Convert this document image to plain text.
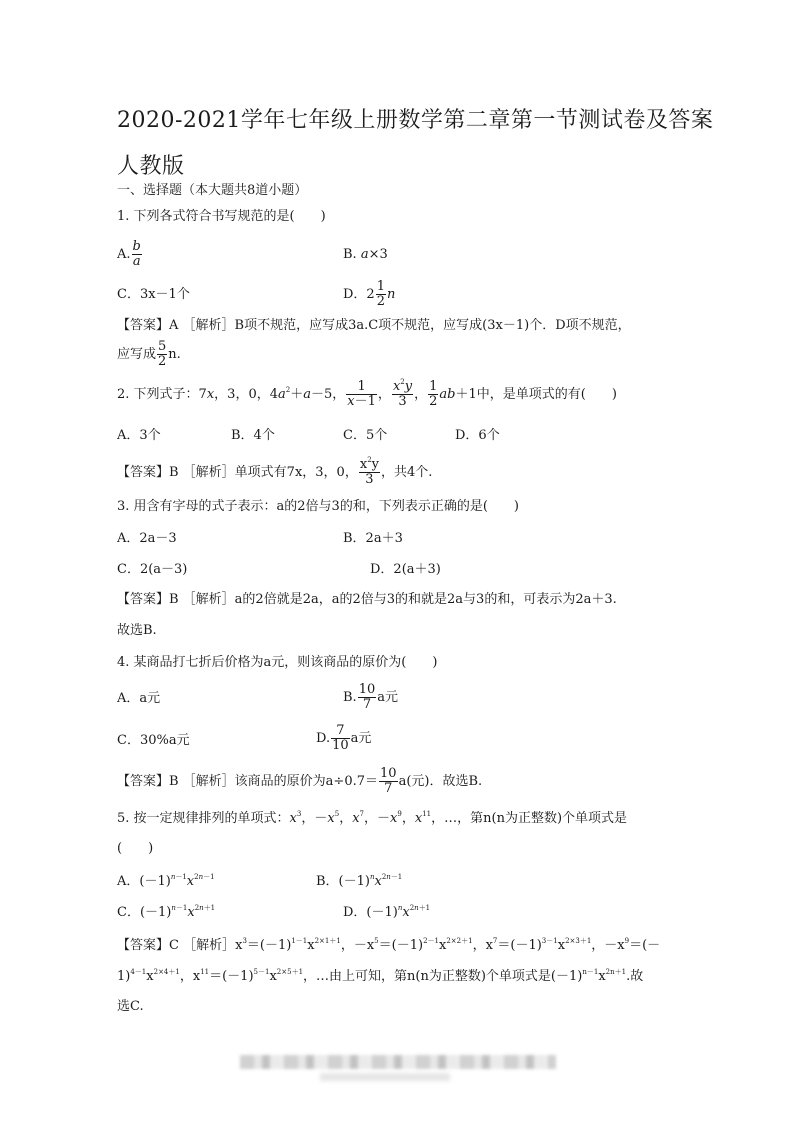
2020-2021学年七年级上册数学第二章第一节测试卷及答案人教版
一、选择题（本大题共8道小题）
1. 下列各式符合书写规范的是(　　)
A. $\frac{b}{a}$	B. a×3
C．3x－1个	D．$2 \frac{1}{2}$ n
【答案】A ［解析］B项不规范，应写成3a.C项不规范，应写成(3x－1)个．D项不规范，
应写成 $\frac{5}{2} n$.
2. 下列式子：7x，3，0，$4a^2+a-5$， $\frac{1}{x-1}$ ， $\frac{x^2y}{3}$ ， $\frac{1}{2} ab+1$中，是单项式的有(　　)
A．3个	B．4个	C．5个	D．6个
【答案】B ［解析］单项式有7x，3，0， $\frac{x^2y}{3}$ ，共4个.
3. 用含有字母的式子表示：a的2倍与3的和，下列表示正确的是(　　)
A．2a－3	B．2a＋3
C．2(a－3)	D．2(a＋3)
【答案】B ［解析］a的2倍就是2a，a的2倍与3的和就是2a与3的和，可表示为2a＋3.
故选B.
4. 某商品打七折后价格为a元，则该商品的原价为(　　)
A．a元	B. $\frac{10}{7}$ a元
C．30%a元	D. $\frac{7}{10}$ a元
【答案】B ［解析］该商品的原价为$a\div 0.7= \frac{10}{7} a$(元)．故选B.
5. 按一定规律排列的单项式：$x^3$，$-x^5$，$x^7$，$-x^9$，$x^{11}$，…，第n(n为正整数)个单项式是
(　　)
A．$(-1)^{n-1}x^{2n-1}$	B．$(-1)^nx^{2n-1}$
C．$(-1)^{n-1}x^{2n+1}$	D．$(-1)^nx^{2n+1}$
【答案】C ［解析$]x^3=(-1)^{1-1}x^{2\times 1+1}$，$-x^5=(-1)^{2-1}x^{2\times 2+1}$，$x^7=(-1)^{3-1}x^{2\times 3+1}$，$-x^9=(-$
$1)^{4-1}x^{2\times 4+1}$，$x^{11}=(-1)^{5-1}x^{2\times 5+1}$，…由上可知，第n(n为正整数)个单项式是$(-1)^{n-1}x^{2n+1}$.故
选C.
